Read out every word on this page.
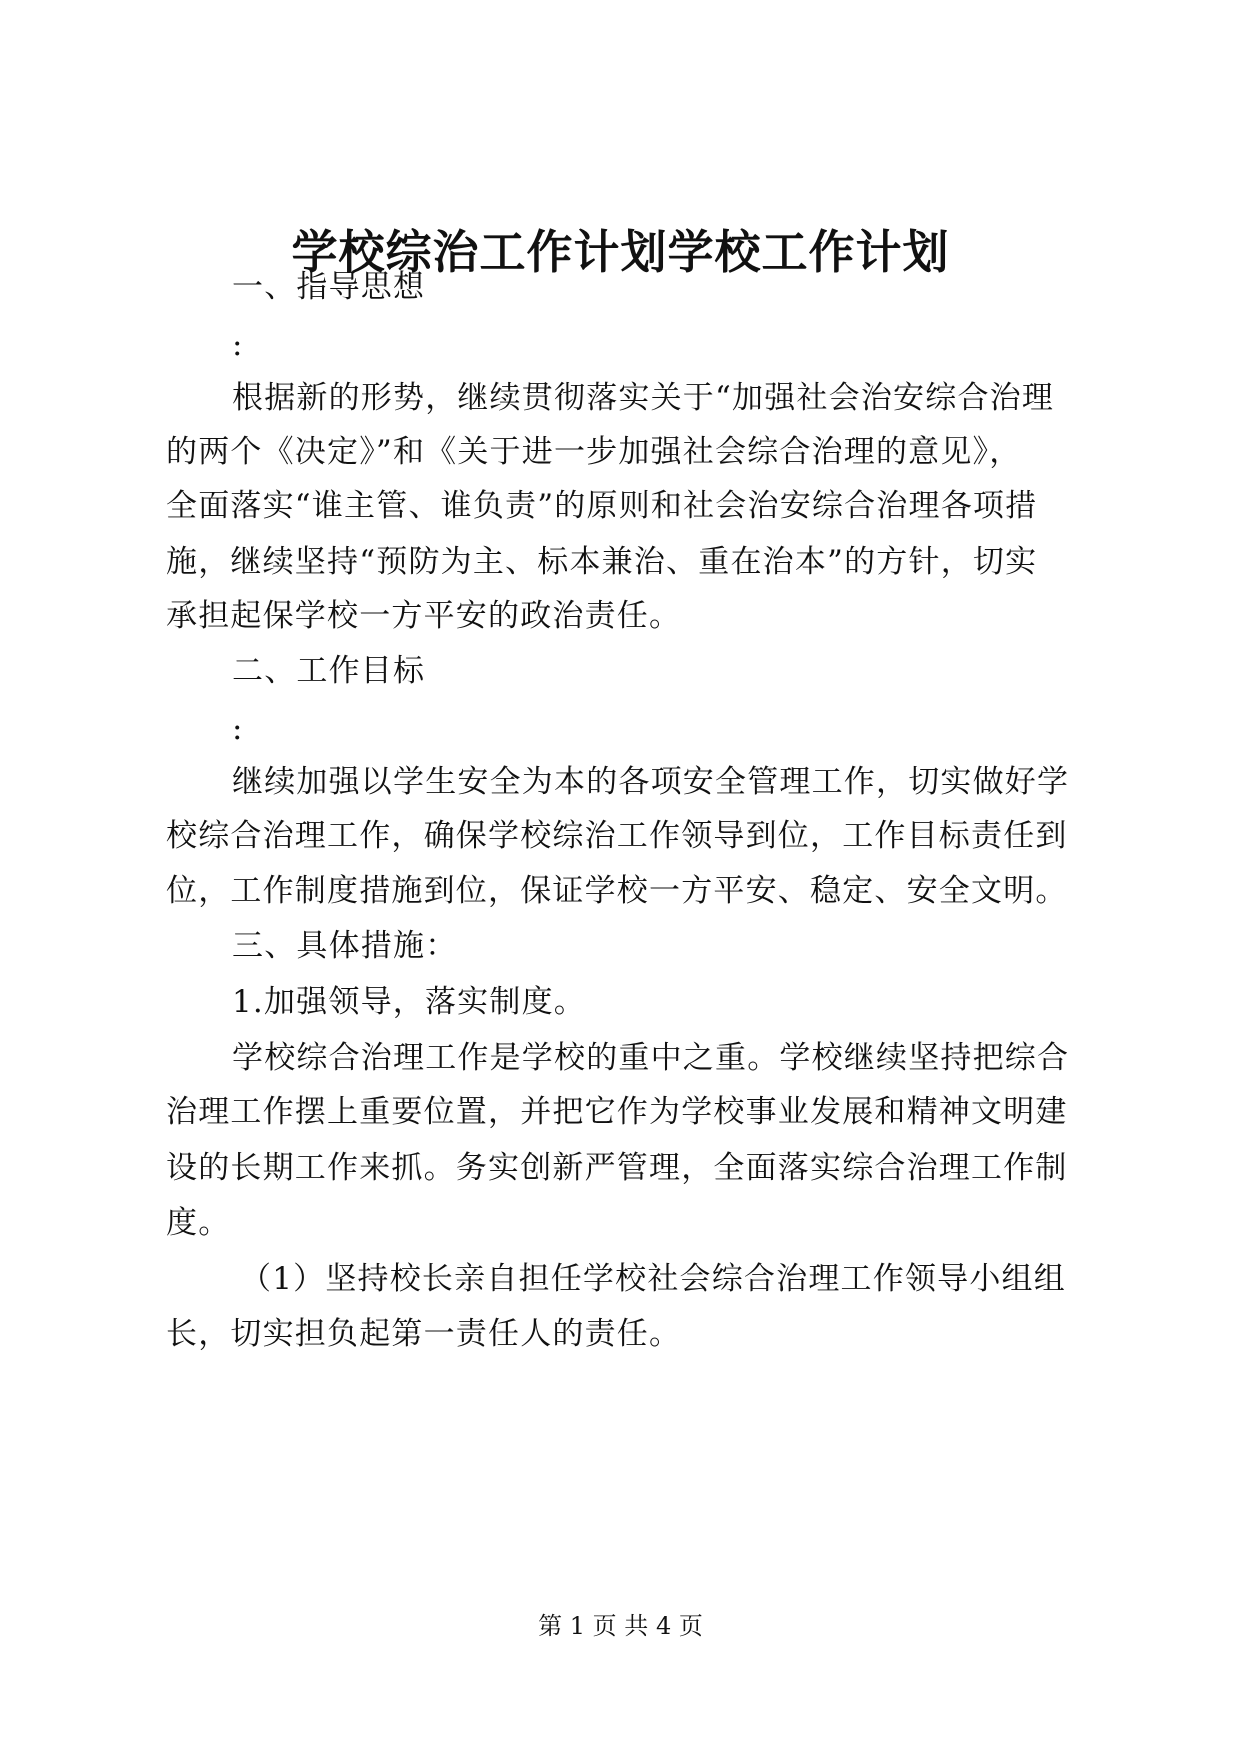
学校综治工作计划学校工作计划
一、指导思想
:
根据新的形势，继续贯彻落实关于“加强社会治安综合治理
的两个《决定》”和《关于进一步加强社会综合治理的意见》，
全面落实“谁主管、谁负责”的原则和社会治安综合治理各项措
施，继续坚持“预防为主、标本兼治、重在治本”的方针，切实
承担起保学校一方平安的政治责任。
二、工作目标
:
继续加强以学生安全为本的各项安全管理工作，切实做好学
校综合治理工作，确保学校综治工作领导到位，工作目标责任到
位，工作制度措施到位，保证学校一方平安、稳定、安全文明。
三、具体措施：
1.加强领导，落实制度。
学校综合治理工作是学校的重中之重。学校继续坚持把综合
治理工作摆上重要位置，并把它作为学校事业发展和精神文明建
设的长期工作来抓。务实创新严管理，全面落实综合治理工作制
度。
（1）坚持校长亲自担任学校社会综合治理工作领导小组组
长，切实担负起第一责任人的责任。
第 1 页 共 4 页
